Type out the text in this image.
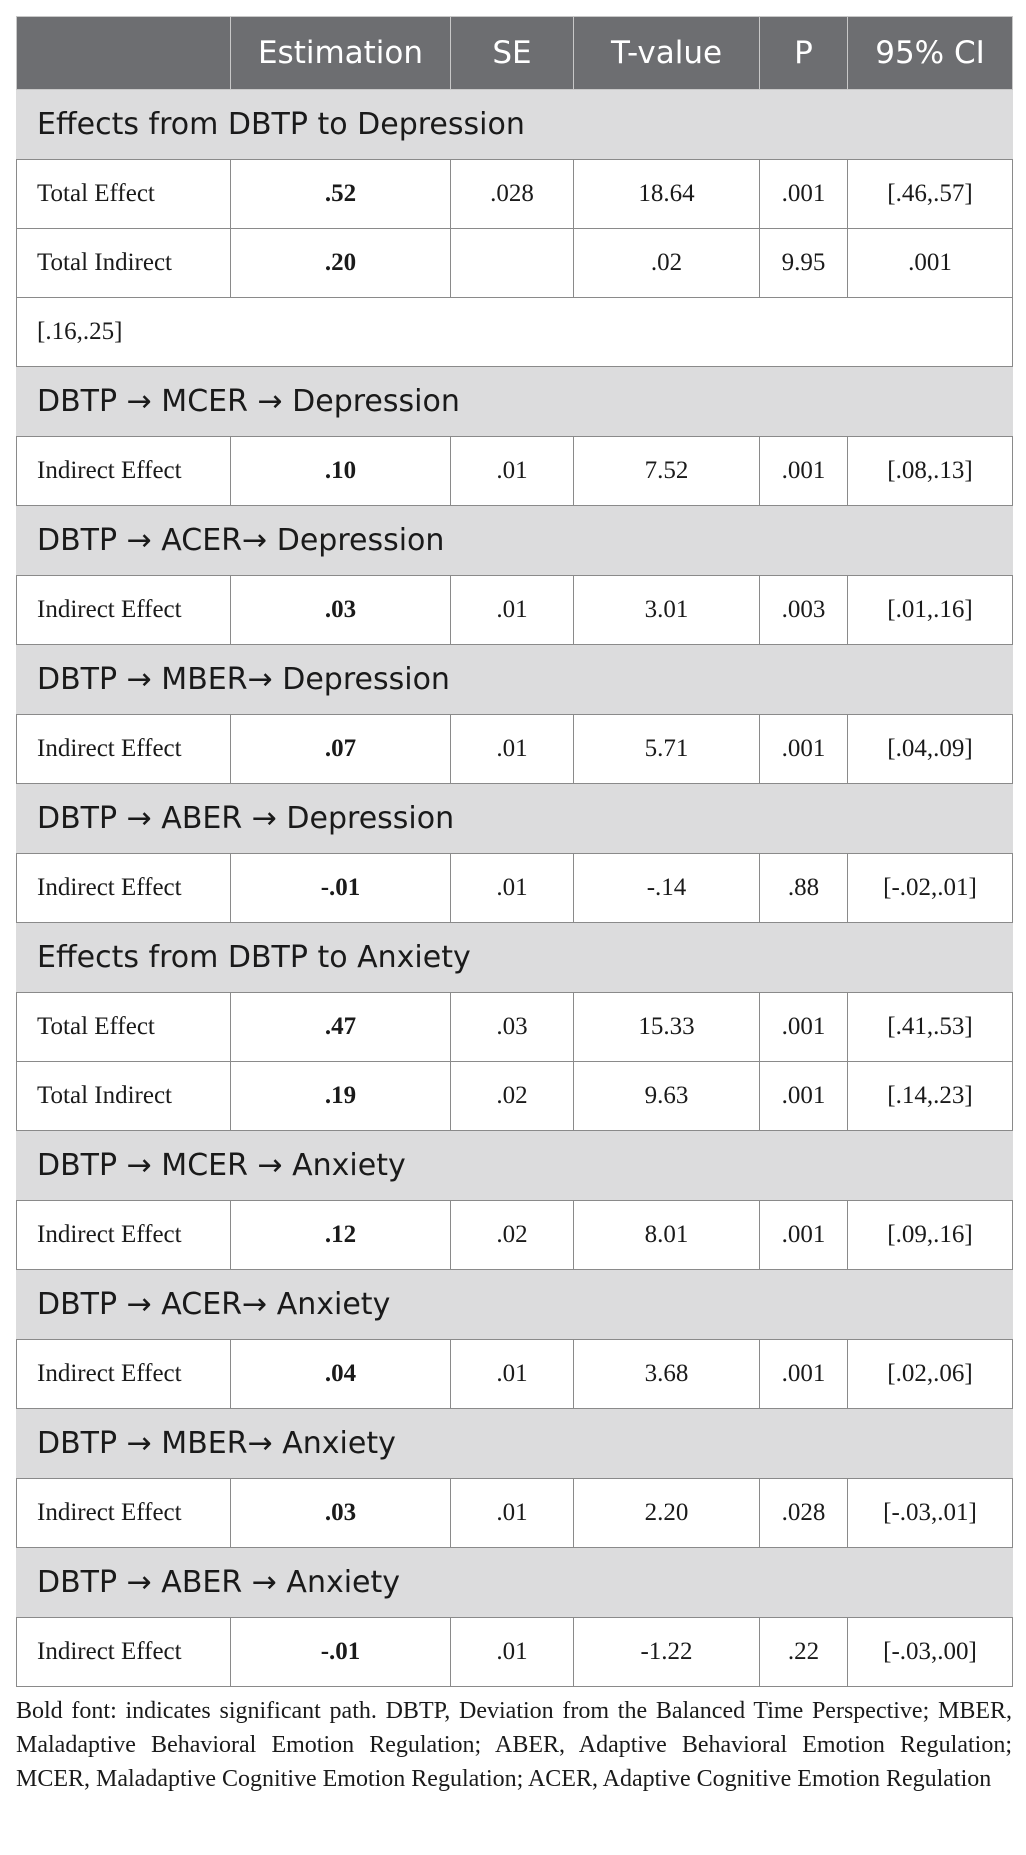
	Estimation	SE	T-value	P	95% CI
Effects from DBTP to Depression					
Total Effect	.52	.028	18.64	.001	[.46,.57]
Total Indirect	.20		.02	9.95	.001
[.16,.25]					
DBTP → MCER → Depression					
Indirect Effect	.10	.01	7.52	.001	[.08,.13]
DBTP → ACER→ Depression					
Indirect Effect	.03	.01	3.01	.003	[.01,.16]
DBTP → MBER→ Depression					
Indirect Effect	.07	.01	5.71	.001	[.04,.09]
DBTP → ABER → Depression					
Indirect Effect	-.01	.01	-.14	.88	[-.02,.01]
Effects from DBTP to Anxiety					
Total Effect	.47	.03	15.33	.001	[.41,.53]
Total Indirect	.19	.02	9.63	.001	[.14,.23]
DBTP → MCER → Anxiety					
Indirect Effect	.12	.02	8.01	.001	[.09,.16]
DBTP → ACER→ Anxiety					
Indirect Effect	.04	.01	3.68	.001	[.02,.06]
DBTP → MBER→ Anxiety					
Indirect Effect	.03	.01	2.20	.028	[-.03,.01]
DBTP → ABER → Anxiety					
Indirect Effect	-.01	.01	-1.22	.22	[-.03,.00]

Bold font: indicates significant path. DBTP, Deviation from the Balanced Time Perspective; MBER, Maladaptive Behavioral Emotion Regulation; ABER, Adaptive Behavioral Emotion Regulation; MCER, Maladaptive Cognitive Emotion Regulation; ACER, Adaptive Cognitive Emotion Regulation
